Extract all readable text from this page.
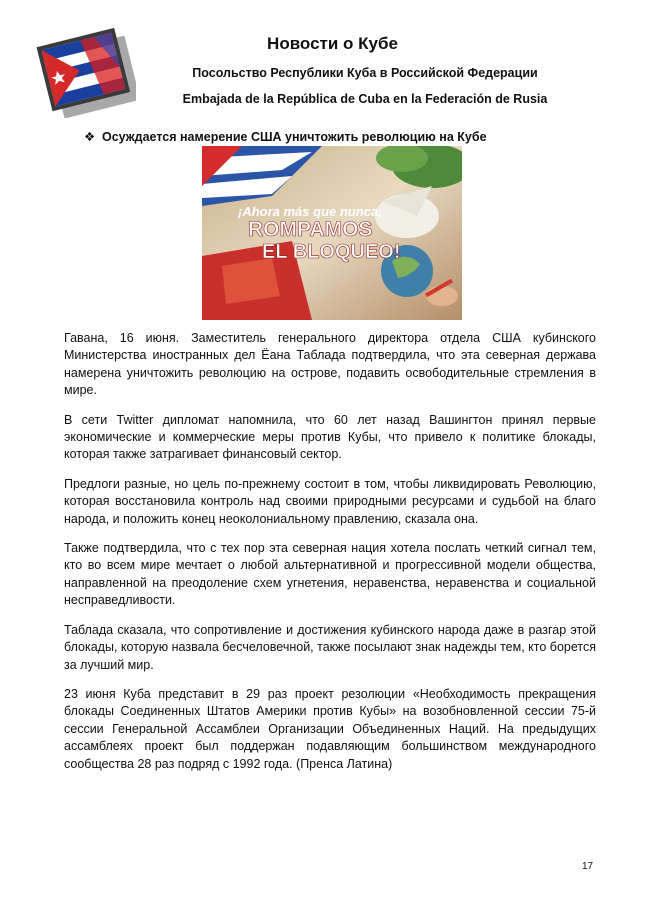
Новости о Кубе

Посольство Республики Куба в Российской Федерации

Embajada de la República de Cuba en la Federación de Rusia

❖ Осуждается намерение США уничтожить революцию на Кубе
¡Ahora más que nunca,
ROMPAMOS
EL BLOQUEO!

Гавана, 16 июня. Заместитель генерального директора отдела США кубинского Министерства иностранных дел Ёана Таблада подтвердила, что эта северная держава намерена уничтожить революцию на острове, подавить освободительные стремления в мире.

В сети Twitter дипломат напомнила, что 60 лет назад Вашингтон принял первые экономические и коммерческие меры против Кубы, что привело к политике блокады, которая также затрагивает финансовый сектор.

Предлоги разные, но цель по-прежнему состоит в том, чтобы ликвидировать Революцию, которая восстановила контроль над своими природными ресурсами и судьбой на благо народа, и положить конец неоколониальному правлению, сказала она.

Также подтвердила, что с тех пор эта северная нация хотела послать четкий сигнал тем, кто во всем мире мечтает о любой альтернативной и прогрессивной модели общества, направленной на преодоление схем угнетения, неравенства, неравенства и социальной несправедливости.

Таблада сказала, что сопротивление и достижения кубинского народа даже в разгар этой блокады, которую назвала бесчеловечной, также посылают знак надежды тем, кто борется за лучший мир.

23 июня Куба представит в 29 раз проект резолюции «Необходимость прекращения блокады Соединенных Штатов Америки против Кубы» на возобновленной сессии 75-й сессии Генеральной Ассамблеи Организации Объединенных Наций. На предыдущих ассамблеях проект был поддержан подавляющим большинством международного сообщества 28 раз подряд с 1992 года. (Пренса Латина)

17
